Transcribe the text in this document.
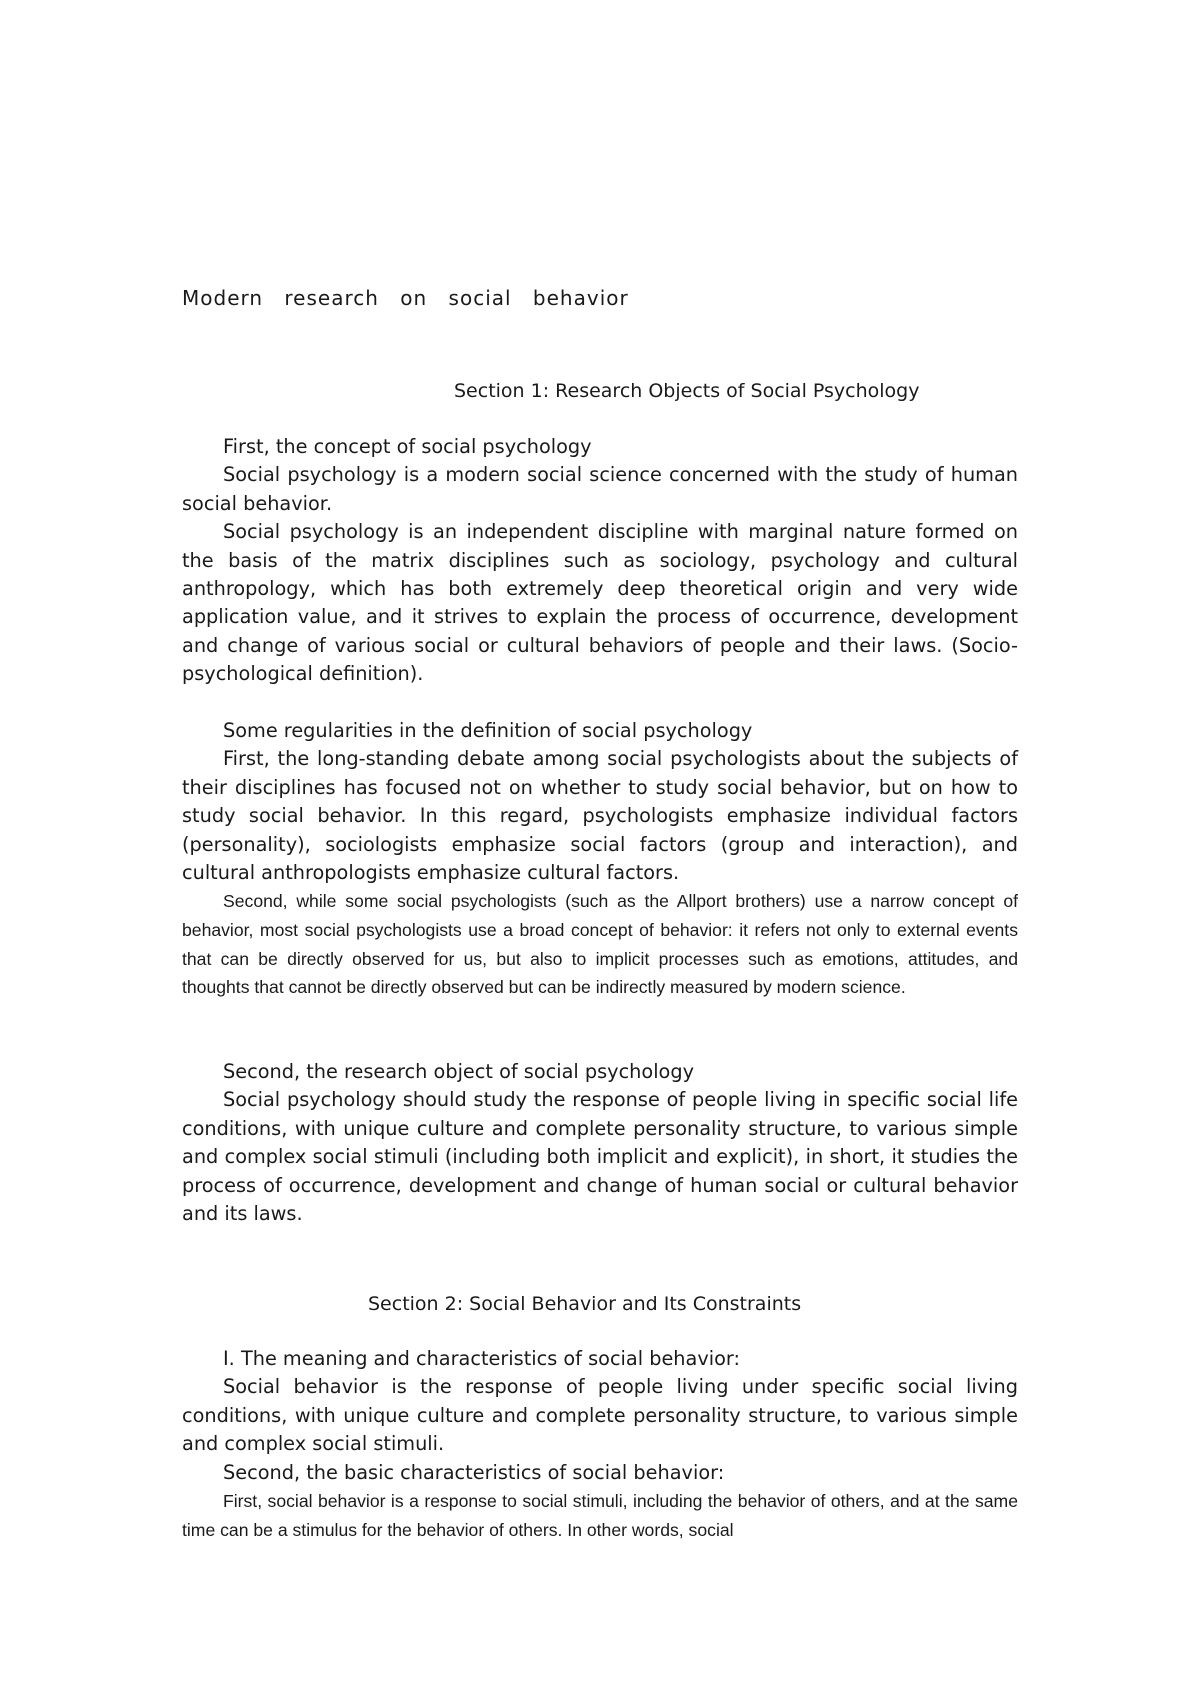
Modern research on social behavior
Section 1: Research Objects of Social Psychology

First, the concept of social psychology

Social psychology is a modern social science concerned with the study of human social behavior.

Social psychology is an independent discipline with marginal nature formed on the basis of the matrix disciplines such as sociology, psychology and cultural anthropology, which has both extremely deep theoretical origin and very wide application value, and it strives to explain the process of occurrence, development and change of various social or cultural behaviors of people and their laws. (Socio-psychological definition).

Some regularities in the definition of social psychology

First, the long-standing debate among social psychologists about the subjects of their disciplines has focused not on whether to study social behavior, but on how to study social behavior. In this regard, psychologists emphasize individual factors (personality), sociologists emphasize social factors (group and interaction), and cultural anthropologists emphasize cultural factors.

Second, while some social psychologists (such as the Allport brothers) use a narrow concept of behavior, most social psychologists use a broad concept of behavior: it refers not only to external events that can be directly observed for us, but also to implicit processes such as emotions, attitudes, and thoughts that cannot be directly observed but can be indirectly measured by modern science.

Second, the research object of social psychology

Social psychology should study the response of people living in specific social life conditions, with unique culture and complete personality structure, to various simple and complex social stimuli (including both implicit and explicit), in short, it studies the process of occurrence, development and change of human social or cultural behavior and its laws.

Section 2: Social Behavior and Its Constraints

I. The meaning and characteristics of social behavior:

Social behavior is the response of people living under specific social living conditions, with unique culture and complete personality structure, to various simple and complex social stimuli.

Second, the basic characteristics of social behavior:

First, social behavior is a response to social stimuli, including the behavior of others, and at the same time can be a stimulus for the behavior of others. In other words, social
